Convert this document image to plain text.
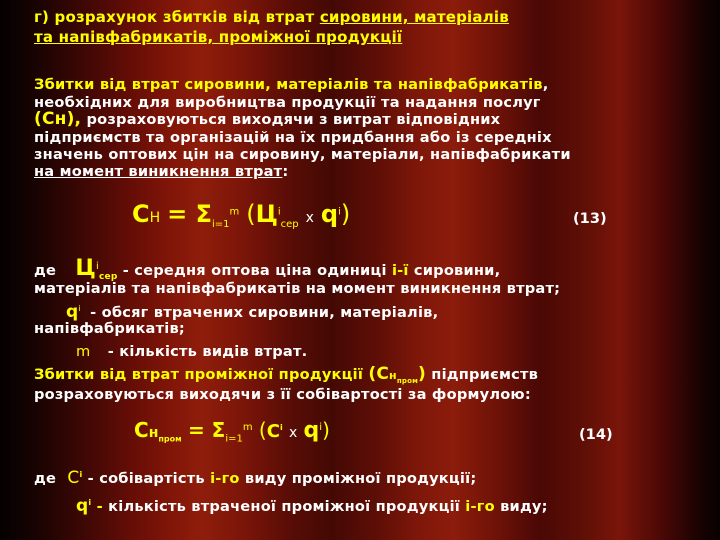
г) розрахунок збитків від втрат сировини, матеріалів
та напівфабрикатів, проміжної продукції
Збитки від втрат сировини, матеріалів та напівфабрикатів,
необхідних для виробництва продукції та надання послуг
(Сн), розраховуються виходячи з витрат відповідних
підприємств та організацій на їх придбання або із середніх
значень оптових цін на сировину, матеріали, напівфабрикати
на момент виникнення втрат:
СН = $\Sigma_{i=1}^m$ ($Ц^i_{сер}$ х $q^i$)	(13)
де $Ц^i_{сер}$ - середня оптова ціна одиниці i-ї сировини,
матеріалів та напівфабрикатів на момент виникнення втрат;
$q^i$ - обсяг втрачених сировини, матеріалів,
напівфабрикатів;
m - кількість видів втрат.
Збитки від втрат проміжної продукції $(Сн_{пром})$ підприємств
розраховуються виходячи з її собівартості за формулою:
$Сн_{пром} = \Sigma_{i=1}^m$ ($С^i$ х $q^i$)	(14)
де $С^i$ - собівартість i-го виду проміжної продукції;
$q^i$ - кількість втраченої проміжної продукції i-го виду;
